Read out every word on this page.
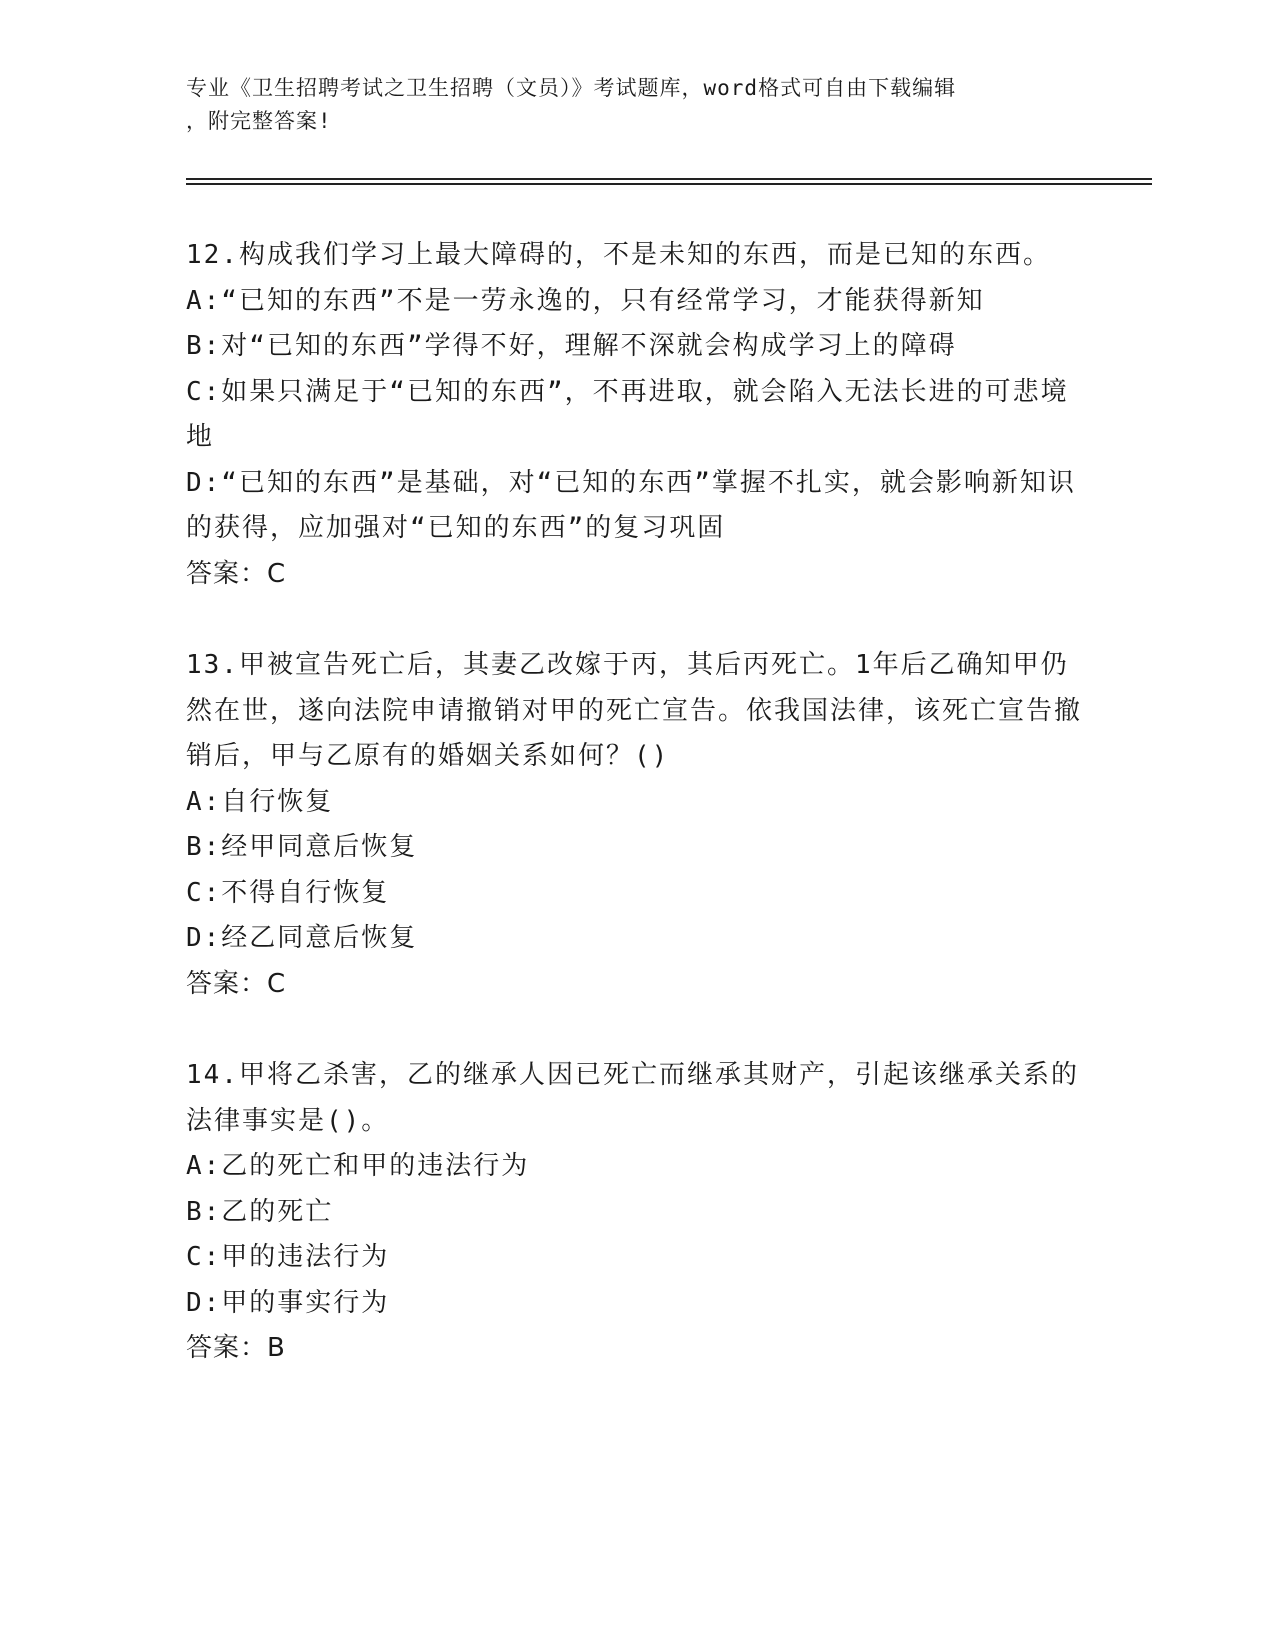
专业《卫生招聘考试之卫生招聘（文员）》考试题库，word格式可自由下载编辑
，附完整答案!
12.构成我们学习上最大障碍的，不是未知的东西，而是已知的东西。
A:“已知的东西”不是一劳永逸的，只有经常学习，才能获得新知
B:对“已知的东西”学得不好，理解不深就会构成学习上的障碍
C:如果只满足于“已知的东西”，不再进取，就会陷入无法长进的可悲境地
D:“已知的东西”是基础，对“已知的东西”掌握不扎实，就会影响新知识的获得，应加强对“已知的东西”的复习巩固
答案：C
13.甲被宣告死亡后，其妻乙改嫁于丙，其后丙死亡。1年后乙确知甲仍然在世，遂向法院申请撤销对甲的死亡宣告。依我国法律，该死亡宣告撤销后，甲与乙原有的婚姻关系如何？()
A:自行恢复
B:经甲同意后恢复
C:不得自行恢复
D:经乙同意后恢复
答案：C
14.甲将乙杀害，乙的继承人因已死亡而继承其财产，引起该继承关系的法律事实是()。
A:乙的死亡和甲的违法行为
B:乙的死亡
C:甲的违法行为
D:甲的事实行为
答案：B
